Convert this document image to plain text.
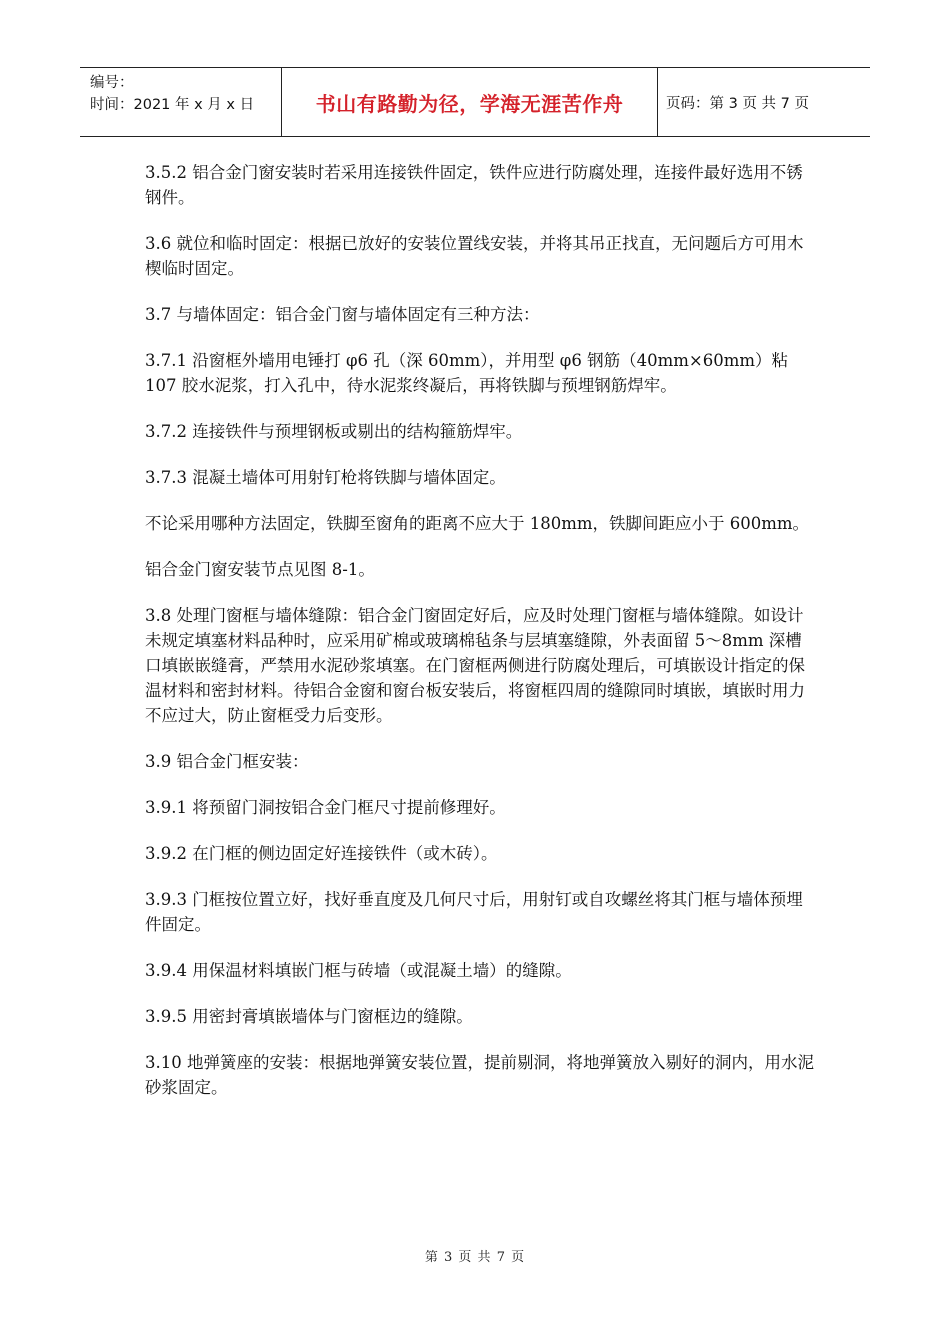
编号：
时间：2021 年 x 月 x 日	书山有路勤为径，学海无涯苦作舟	页码：第 3 页 共 7 页

3.5.2 铝合金门窗安装时若采用连接铁件固定，铁件应进行防腐处理，连接件最好选用不锈钢件。

3.6 就位和临时固定：根据已放好的安装位置线安装，并将其吊正找直，无问题后方可用木楔临时固定。

3.7 与墙体固定：铝合金门窗与墙体固定有三种方法：

3.7.1 沿窗框外墙用电锤打 φ6 孔（深 60mm），并用型 φ6 钢筋（40mm×60mm）粘 107 胶水泥浆，打入孔中，待水泥浆终凝后，再将铁脚与预埋钢筋焊牢。

3.7.2 连接铁件与预埋钢板或剔出的结构箍筋焊牢。

3.7.3 混凝土墙体可用射钉枪将铁脚与墙体固定。

不论采用哪种方法固定，铁脚至窗角的距离不应大于 180mm，铁脚间距应小于 600mm。

铝合金门窗安装节点见图 8-1。

3.8 处理门窗框与墙体缝隙：铝合金门窗固定好后，应及时处理门窗框与墙体缝隙。如设计未规定填塞材料品种时，应采用矿棉或玻璃棉毡条与层填塞缝隙，外表面留 5～8mm 深槽口填嵌嵌缝膏，严禁用水泥砂浆填塞。在门窗框两侧进行防腐处理后，可填嵌设计指定的保温材料和密封材料。待铝合金窗和窗台板安装后，将窗框四周的缝隙同时填嵌，填嵌时用力不应过大，防止窗框受力后变形。

3.9 铝合金门框安装：

3.9.1 将预留门洞按铝合金门框尺寸提前修理好。

3.9.2 在门框的侧边固定好连接铁件（或木砖）。

3.9.3 门框按位置立好，找好垂直度及几何尺寸后，用射钉或自攻螺丝将其门框与墙体预埋件固定。

3.9.4 用保温材料填嵌门框与砖墙（或混凝土墙）的缝隙。

3.9.5 用密封膏填嵌墙体与门窗框边的缝隙。

3.10 地弹簧座的安装：根据地弹簧安装位置，提前剔洞，将地弹簧放入剔好的洞内，用水泥砂浆固定。

第 3 页 共 7 页
